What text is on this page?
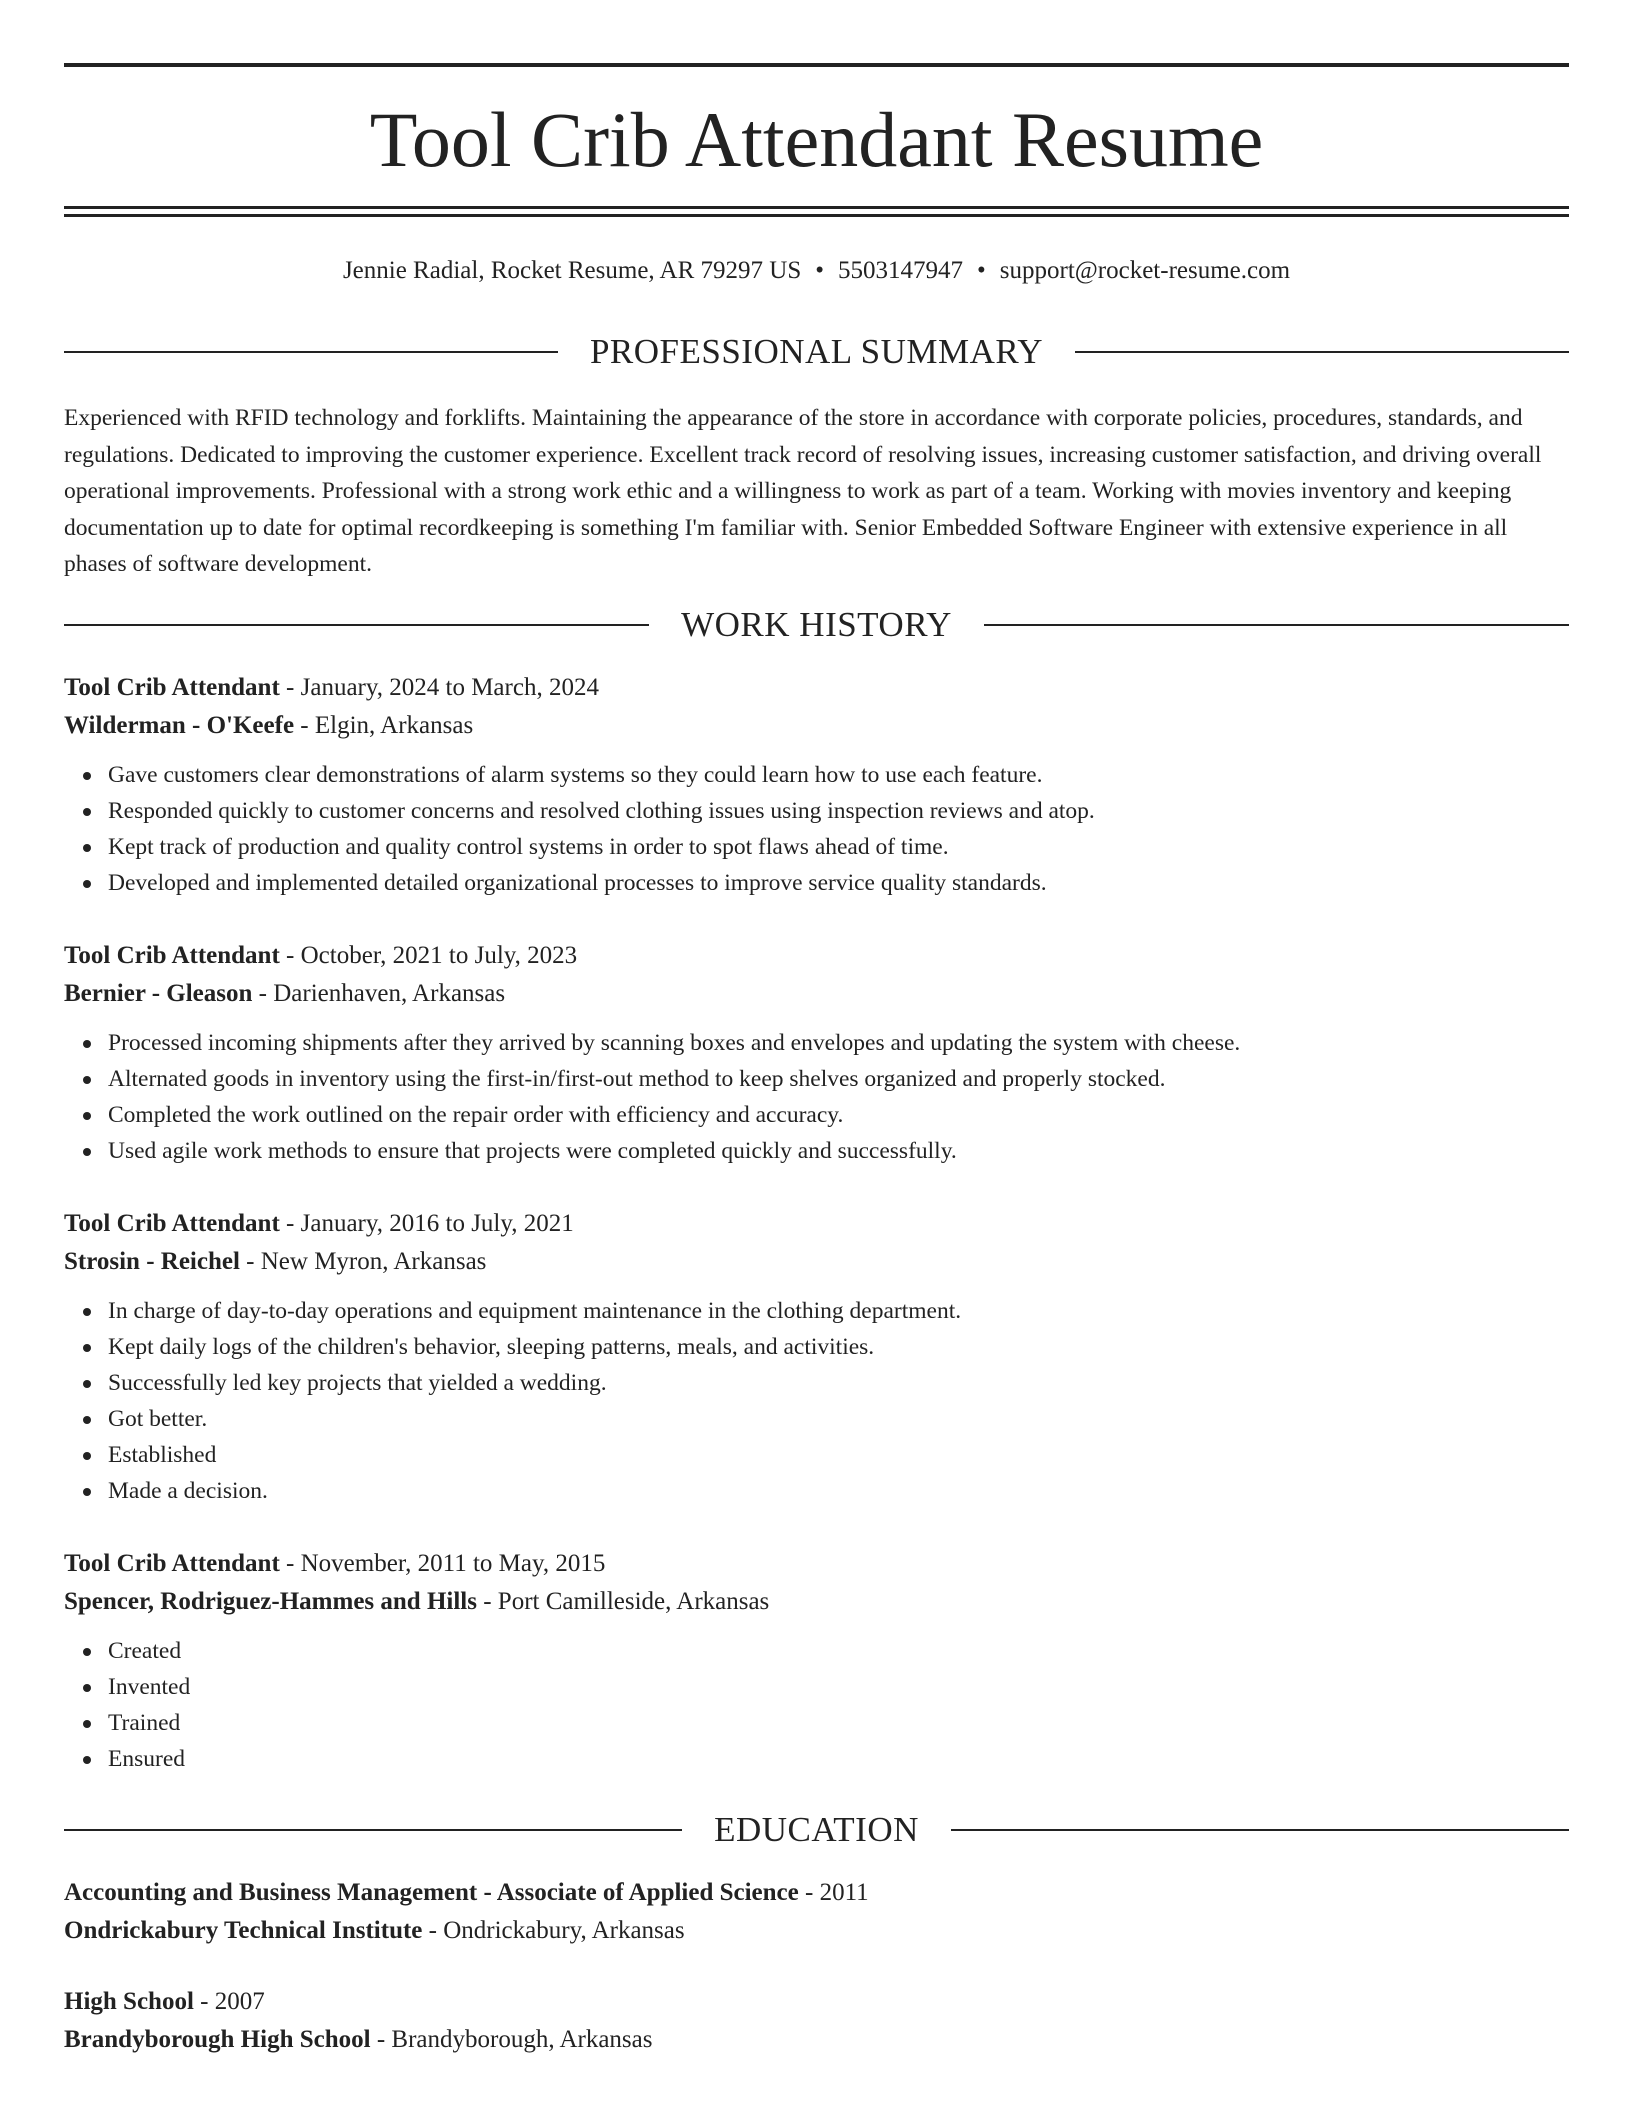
Tool Crib Attendant Resume
Jennie Radial, Rocket Resume, AR 79297 US • 5503147947 • support@rocket-resume.com
PROFESSIONAL SUMMARY

Experienced with RFID technology and forklifts. Maintaining the appearance of the store in accordance with corporate policies, procedures, standards, and regulations. Dedicated to improving the customer experience. Excellent track record of resolving issues, increasing customer satisfaction, and driving overall operational improvements. Professional with a strong work ethic and a willingness to work as part of a team. Working with movies inventory and keeping documentation up to date for optimal recordkeeping is something I'm familiar with. Senior Embedded Software Engineer with extensive experience in all phases of software development.

WORK HISTORY
Tool Crib Attendant - January, 2024 to March, 2024
Wilderman - O'Keefe - Elgin, Arkansas
Gave customers clear demonstrations of alarm systems so they could learn how to use each feature.
Responded quickly to customer concerns and resolved clothing issues using inspection reviews and atop.
Kept track of production and quality control systems in order to spot flaws ahead of time.
Developed and implemented detailed organizational processes to improve service quality standards.
Tool Crib Attendant - October, 2021 to July, 2023
Bernier - Gleason - Darienhaven, Arkansas
Processed incoming shipments after they arrived by scanning boxes and envelopes and updating the system with cheese.
Alternated goods in inventory using the first-in/first-out method to keep shelves organized and properly stocked.
Completed the work outlined on the repair order with efficiency and accuracy.
Used agile work methods to ensure that projects were completed quickly and successfully.
Tool Crib Attendant - January, 2016 to July, 2021
Strosin - Reichel - New Myron, Arkansas
In charge of day-to-day operations and equipment maintenance in the clothing department.
Kept daily logs of the children's behavior, sleeping patterns, meals, and activities.
Successfully led key projects that yielded a wedding.
Got better.
Established
Made a decision.
Tool Crib Attendant - November, 2011 to May, 2015
Spencer, Rodriguez-Hammes and Hills - Port Camilleside, Arkansas
Created
Invented
Trained
Ensured
EDUCATION
Accounting and Business Management - Associate of Applied Science - 2011
Ondrickabury Technical Institute - Ondrickabury, Arkansas
High School - 2007
Brandyborough High School - Brandyborough, Arkansas
